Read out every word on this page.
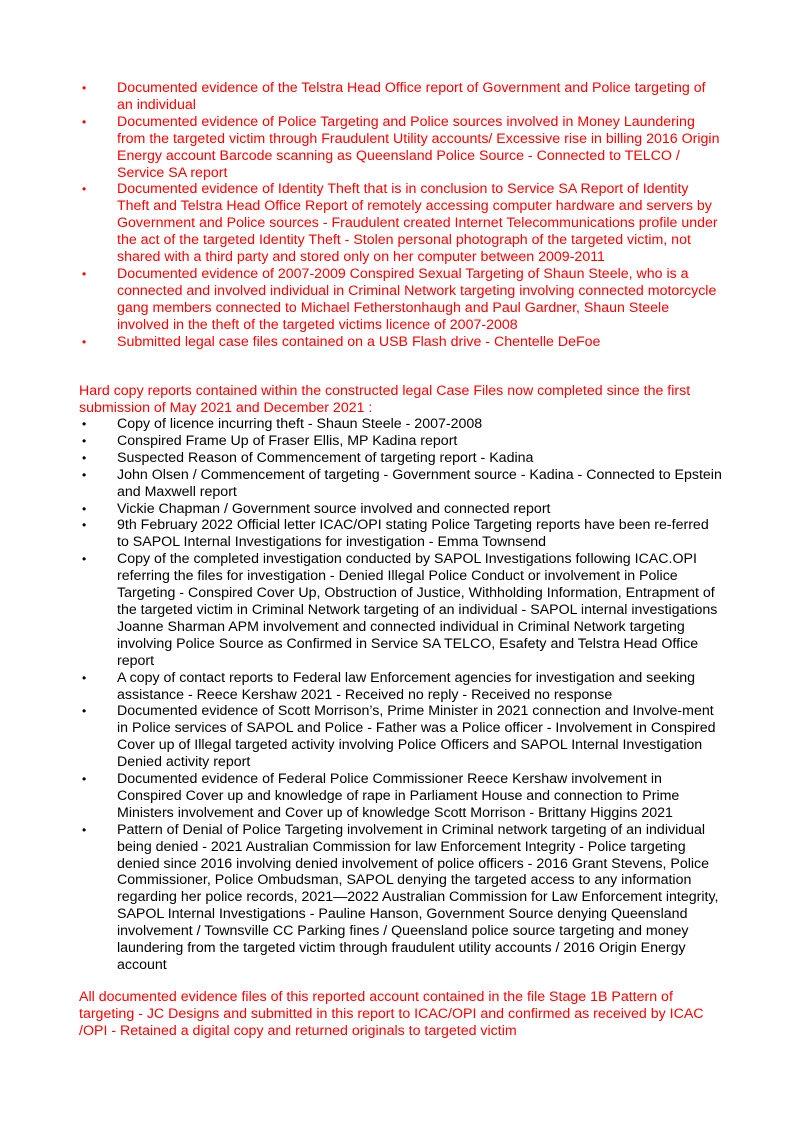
• Documented evidence of the Telstra Head Office report of Government and Police targeting of an individual
• Documented evidence of Police Targeting and Police sources involved in Money Laundering from the targeted victim through Fraudulent Utility accounts/ Excessive rise in billing 2016 Origin Energy account Barcode scanning as Queensland Police Source - Connected to TELCO / Service SA report
• Documented evidence of Identity Theft that is in conclusion to Service SA Report of Identity Theft and Telstra Head Office Report of remotely accessing computer hardware and servers by Government and Police sources - Fraudulent created Internet Telecommunications profile under the act of the targeted Identity Theft - Stolen personal photograph of the targeted victim, not shared with a third party and stored only on her computer between 2009-2011
• Documented evidence of 2007-2009 Conspired Sexual Targeting of Shaun Steele, who is a connected and involved individual in Criminal Network targeting involving connected motorcycle gang members connected to Michael Fetherstonhaugh and Paul Gardner, Shaun Steele involved in the theft of the targeted victims licence of 2007-2008
• Submitted legal case files contained on a USB Flash drive - Chentelle DeFoe

Hard copy reports contained within the constructed legal Case Files now completed since the first submission of May 2021 and December 2021 :

• Copy of licence incurring theft - Shaun Steele - 2007-2008
• Conspired Frame Up of Fraser Ellis, MP Kadina report
• Suspected Reason of Commencement of targeting report - Kadina
• John Olsen / Commencement of targeting - Government source - Kadina - Connected to Epstein and Maxwell report
• Vickie Chapman / Government source involved and connected report
• 9th February 2022 Official letter ICAC/OPI stating Police Targeting reports have been re-ferred to SAPOL Internal Investigations for investigation - Emma Townsend
• Copy of the completed investigation conducted by SAPOL Investigations following ICAC.OPI referring the files for investigation - Denied Illegal Police Conduct or involvement in Police Targeting - Conspired Cover Up, Obstruction of Justice, Withholding Information, Entrapment of the targeted victim in Criminal Network targeting of an individual - SAPOL internal investigations Joanne Sharman APM involvement and connected individual in Criminal Network targeting involving Police Source as Confirmed in Service SA TELCO, Esafety and Telstra Head Office report
• A copy of contact reports to Federal law Enforcement agencies for investigation and seeking assistance - Reece Kershaw 2021 - Received no reply - Received no response
• Documented evidence of Scott Morrison’s, Prime Minister in 2021 connection and Involve-ment in Police services of SAPOL and Police - Father was a Police officer - Involvement in Conspired Cover up of Illegal targeted activity involving Police Officers and SAPOL Internal Investigation Denied activity report
• Documented evidence of Federal Police Commissioner Reece Kershaw involvement in Conspired Cover up and knowledge of rape in Parliament House and connection to Prime Ministers involvement and Cover up of knowledge Scott Morrison - Brittany Higgins 2021
• Pattern of Denial of Police Targeting involvement in Criminal network targeting of an individual being denied - 2021 Australian Commission for law Enforcement Integrity - Police targeting denied since 2016 involving denied involvement of police officers - 2016 Grant Stevens, Police Commissioner, Police Ombudsman, SAPOL denying the targeted access to any information regarding her police records, 2021—2022 Australian Commission for Law Enforcement integrity, SAPOL Internal Investigations - Pauline Hanson, Government Source denying Queensland involvement / Townsville CC Parking fines / Queensland police source targeting and money laundering from the targeted victim through fraudulent utility accounts / 2016 Origin Energy account

All documented evidence files of this reported account contained in the file Stage 1B Pattern of targeting - JC Designs and submitted in this report to ICAC/OPI and confirmed as received by ICAC /OPI - Retained a digital copy and returned originals to targeted victim
